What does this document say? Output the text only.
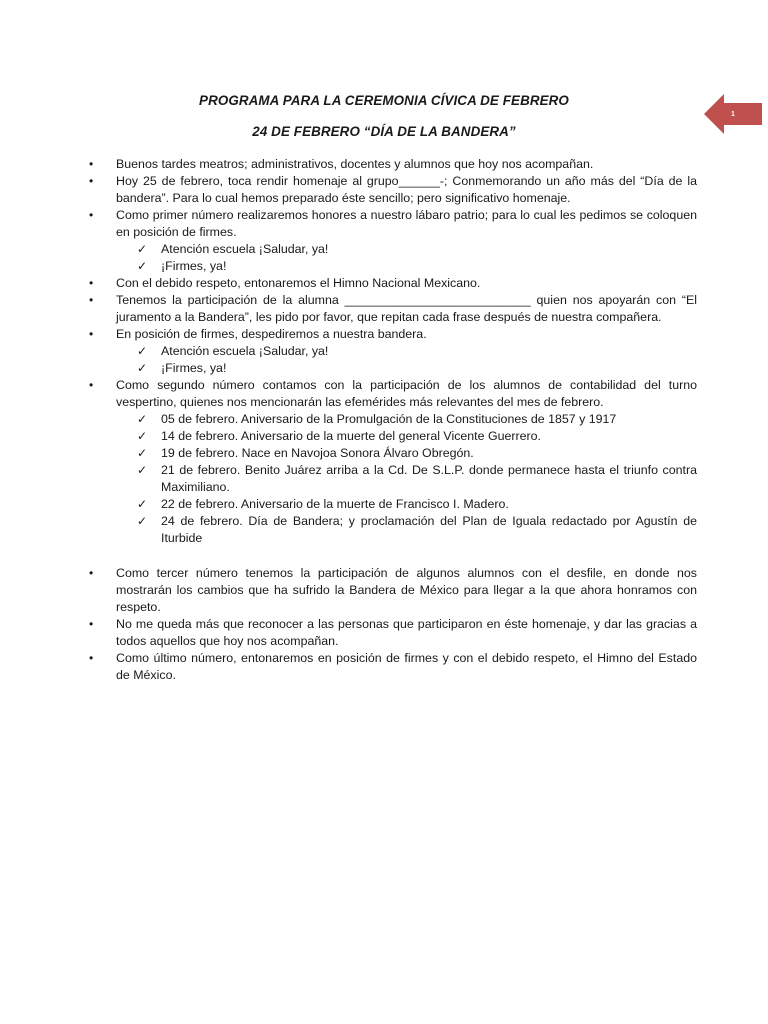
PROGRAMA PARA LA CEREMONIA CÍVICA DE FEBRERO
24 DE FEBRERO “DÍA DE LA BANDERA”
1
•	Buenos tardes meatros; administrativos, docentes y alumnos que hoy nos acompañan.
•	Hoy 25 de febrero, toca rendir homenaje al grupo______-; Conmemorando un año más del “Día de la bandera”. Para lo cual hemos preparado éste sencillo; pero significativo homenaje.
•	Como primer número realizaremos honores a nuestro lábaro patrio; para lo cual les pedimos se coloquen en posición de firmes.
✓ Atención escuela ¡Saludar, ya!
✓ ¡Firmes, ya!
•	Con el debido respeto, entonaremos el Himno Nacional Mexicano.
•	Tenemos la participación de la alumna ___________________________ quien nos apoyarán con “El juramento a la Bandera”, les pido por favor, que repitan cada frase después de nuestra compañera.
•	En posición de firmes, despediremos a nuestra bandera.
✓ Atención escuela ¡Saludar, ya!
✓ ¡Firmes, ya!
•	Como segundo número contamos con la participación de los alumnos de contabilidad del turno vespertino, quienes nos mencionarán las efemérides más relevantes del mes de febrero.
✓ 05 de febrero. Aniversario de la Promulgación de la Constituciones de 1857 y 1917
✓ 14 de febrero. Aniversario de la muerte del general Vicente Guerrero.
✓ 19 de febrero. Nace en Navojoa Sonora Álvaro Obregón.
✓ 21 de febrero. Benito Juárez arriba a la Cd. De S.L.P. donde permanece hasta el triunfo contra Maximiliano.
✓ 22 de febrero. Aniversario de la muerte de Francisco I. Madero.
✓ 24 de febrero. Día de Bandera; y proclamación del Plan de Iguala redactado por Agustín de Iturbide
•	Como tercer número tenemos la participación de algunos alumnos con el desfile, en donde nos mostrarán los cambios que ha sufrido la Bandera de México para llegar a la que ahora honramos con respeto.
•	No me queda más que reconocer a las personas que participaron en éste homenaje, y dar las gracias a todos aquellos que hoy nos acompañan.
•	Como último número, entonaremos en posición de firmes y con el debido respeto, el Himno del Estado de México.
